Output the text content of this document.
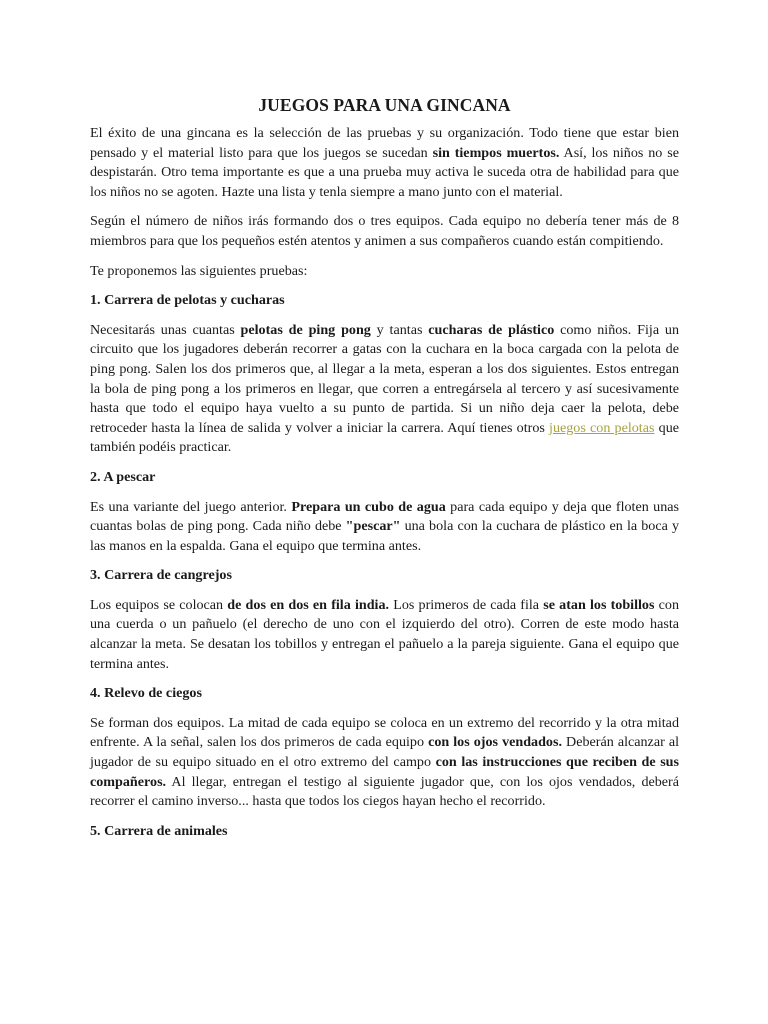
JUEGOS PARA UNA GINCANA

El éxito de una gincana es la selección de las pruebas y su organización. Todo tiene que estar bien pensado y el material listo para que los juegos se sucedan sin tiempos muertos. Así, los niños no se despistarán. Otro tema importante es que a una prueba muy activa le suceda otra de habilidad para que los niños no se agoten. Hazte una lista y tenla siempre a mano junto con el material.

Según el número de niños irás formando dos o tres equipos. Cada equipo no debería tener más de 8 miembros para que los pequeños estén atentos y animen a sus compañeros cuando están compitiendo.

Te proponemos las siguientes pruebas:

1. Carrera de pelotas y cucharas

Necesitarás unas cuantas pelotas de ping pong y tantas cucharas de plástico como niños. Fija un circuito que los jugadores deberán recorrer a gatas con la cuchara en la boca cargada con la pelota de ping pong. Salen los dos primeros que, al llegar a la meta, esperan a los dos siguientes. Estos entregan la bola de ping pong a los primeros en llegar, que corren a entregársela al tercero y así sucesivamente hasta que todo el equipo haya vuelto a su punto de partida. Si un niño deja caer la pelota, debe retroceder hasta la línea de salida y volver a iniciar la carrera. Aquí tienes otros juegos con pelotas que también podéis practicar.

2. A pescar

Es una variante del juego anterior. Prepara un cubo de agua para cada equipo y deja que floten unas cuantas bolas de ping pong. Cada niño debe "pescar" una bola con la cuchara de plástico en la boca y las manos en la espalda. Gana el equipo que termina antes.

3. Carrera de cangrejos

Los equipos se colocan de dos en dos en fila india. Los primeros de cada fila se atan los tobillos con una cuerda o un pañuelo (el derecho de uno con el izquierdo del otro). Corren de este modo hasta alcanzar la meta. Se desatan los tobillos y entregan el pañuelo a la pareja siguiente. Gana el equipo que termina antes.

4. Relevo de ciegos

Se forman dos equipos. La mitad de cada equipo se coloca en un extremo del recorrido y la otra mitad enfrente. A la señal, salen los dos primeros de cada equipo con los ojos vendados. Deberán alcanzar al jugador de su equipo situado en el otro extremo del campo con las instrucciones que reciben de sus compañeros. Al llegar, entregan el testigo al siguiente jugador que, con los ojos vendados, deberá recorrer el camino inverso... hasta que todos los ciegos hayan hecho el recorrido.

5. Carrera de animales
